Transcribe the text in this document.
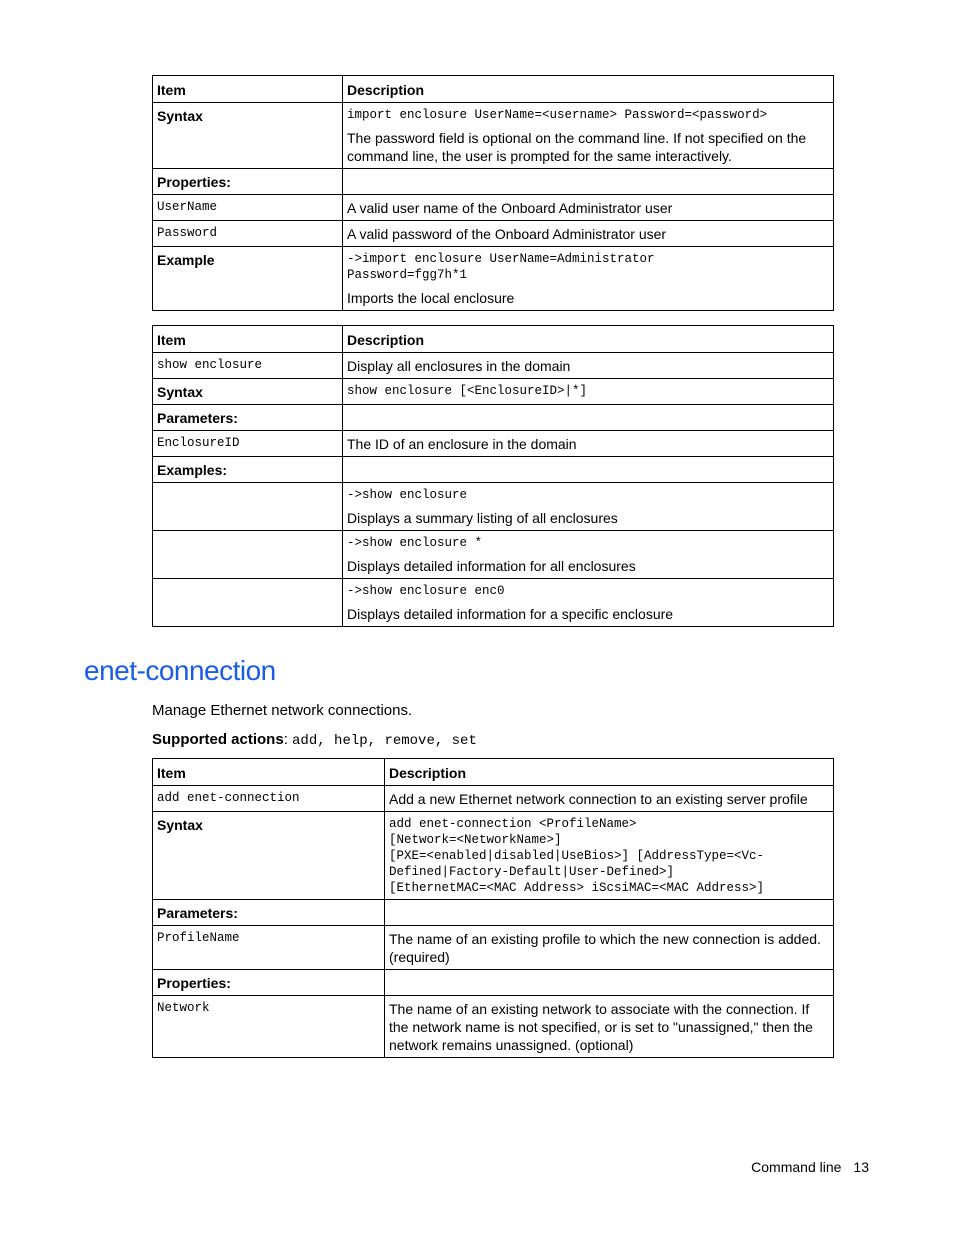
Item	Description
Syntax	import enclosure UserName=<username> Password=<password>
The password field is optional on the command line. If not specified on the command line, the user is prompted for the same interactively.

Properties:	

UserName	A valid user name of the Onboard Administrator user

Password	A valid password of the Onboard Administrator user
Example	->import enclosure UserName=Administrator
Password=fgg7h*1
Imports the local enclosure
Item	Description

show enclosure	Display all enclosures in the domain
Syntax	show enclosure [<EnclosureID>|*]

Parameters:	

EnclosureID	The ID of an enclosure in the domain
Examples:	

	->show enclosure
Displays a summary listing of all enclosures

	->show enclosure *
Displays detailed information for all enclosures

	->show enclosure enc0
Displays detailed information for a specific enclosure
enet-connection

Manage Ethernet network connections.

Supported actions: add, help, remove, set

Item	Description

add enet-connection	Add a new Ethernet network connection to an existing server profile
Syntax	add enet-connection <ProfileName>
[Network=<NetworkName>]
[PXE=<enabled|disabled|UseBios>] [AddressType=<Vc-
Defined|Factory-Default|User-Defined>]
[EthernetMAC=<MAC Address> iScsiMAC=<MAC Address>]

Parameters:	

ProfileName	The name of an existing profile to which the new connection is added. (required)
Properties:	

Network	The name of an existing network to associate with the connection. If the network name is not specified, or is set to "unassigned," then the network remains unassigned. (optional)
Command line 13
